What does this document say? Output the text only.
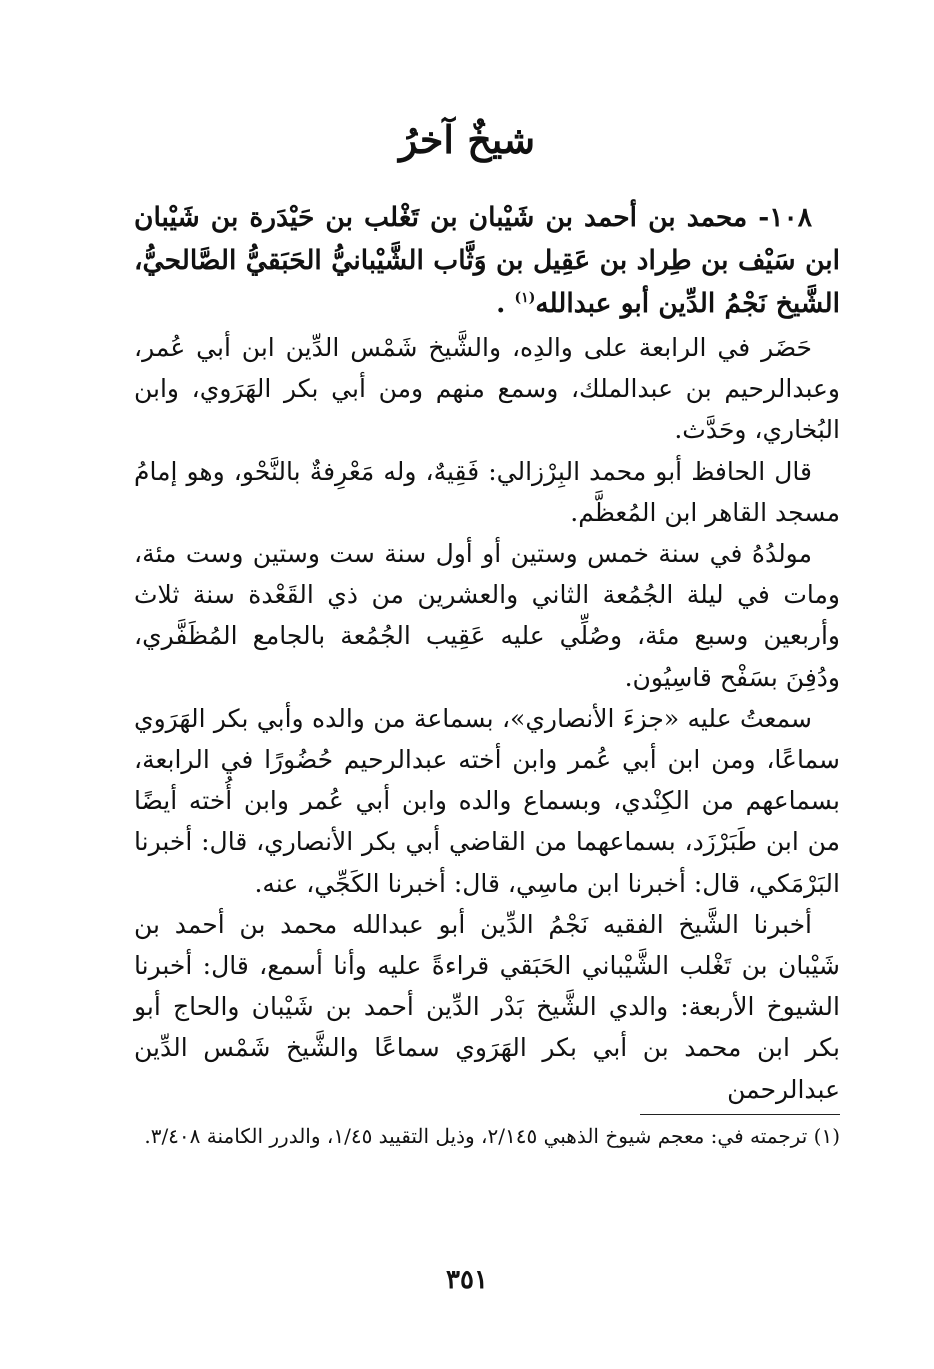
شيخٌ آخرُ

١٠٨- محمد بن أحمد بن شَيْبان بن تَغْلب بن حَيْدَرة بن شَيْبان ابن سَيْف بن طِراد بن عَقِيل بن وَثَّاب الشَّيْبانيُّ الحَبَقيُّ الصَّالحيُّ، الشَّيخ نَجْمُ الدِّين أبو عبدالله$^{(١)}$ .

حَضَر في الرابعة على والدِه، والشَّيخ شَمْس الدِّين ابن أبي عُمر، وعبدالرحيم بن عبدالملك، وسمع منهم ومن أبي بكر الهَرَوي، وابن البُخاري، وحَدَّث.

قال الحافظ أبو محمد البِرْزالي: فَقِيهٌ، وله مَعْرِفةٌ بالنَّحْو، وهو إمامُ مسجد القاهر ابن المُعظَّم.

مولدُهُ في سنة خمس وستين أو أول سنة ست وستين وست مئة، ومات في ليلة الجُمُعة الثاني والعشرين من ذي القَعْدة سنة ثلاث وأربعين وسبع مئة، وصُلِّي عليه عَقِيب الجُمُعة بالجامع المُظَفَّري، ودُفِنَ بسَفْح قاسِيُون.

سمعتُ عليه «جزءَ الأنصاري»، بسماعة من والده وأبي بكر الهَرَوي سماعًا، ومن ابن أبي عُمر وابن أخته عبدالرحيم حُضُورًا في الرابعة، بسماعهم من الكِنْدي، وبسماع والده وابن أبي عُمر وابن أُخته أيضًا من ابن طَبَرْزَد، بسماعهما من القاضي أبي بكر الأنصاري، قال: أخبرنا البَرْمَكي، قال: أخبرنا ابن ماسِي، قال: أخبرنا الكَجِّي، عنه.

أخبرنا الشَّيخ الفقيه نَجْمُ الدِّين أبو عبدالله محمد بن أحمد بن شَيْبان بن تَغْلب الشَّيْباني الحَبَقي قراءةً عليه وأنا أسمع، قال: أخبرنا الشيوخ الأربعة: والدي الشَّيخ بَدْر الدِّين أحمد بن شَيْبان والحاج أبو بكر ابن محمد بن أبي بكر الهَرَوي سماعًا والشَّيخ شَمْس الدِّين عبدالرحمن

(١) ترجمته في: معجم شيوخ الذهبي ٢/١٤٥، وذيل التقييد ١/٤٥، والدرر الكامنة ٣/٤٠٨.

٣٥١
